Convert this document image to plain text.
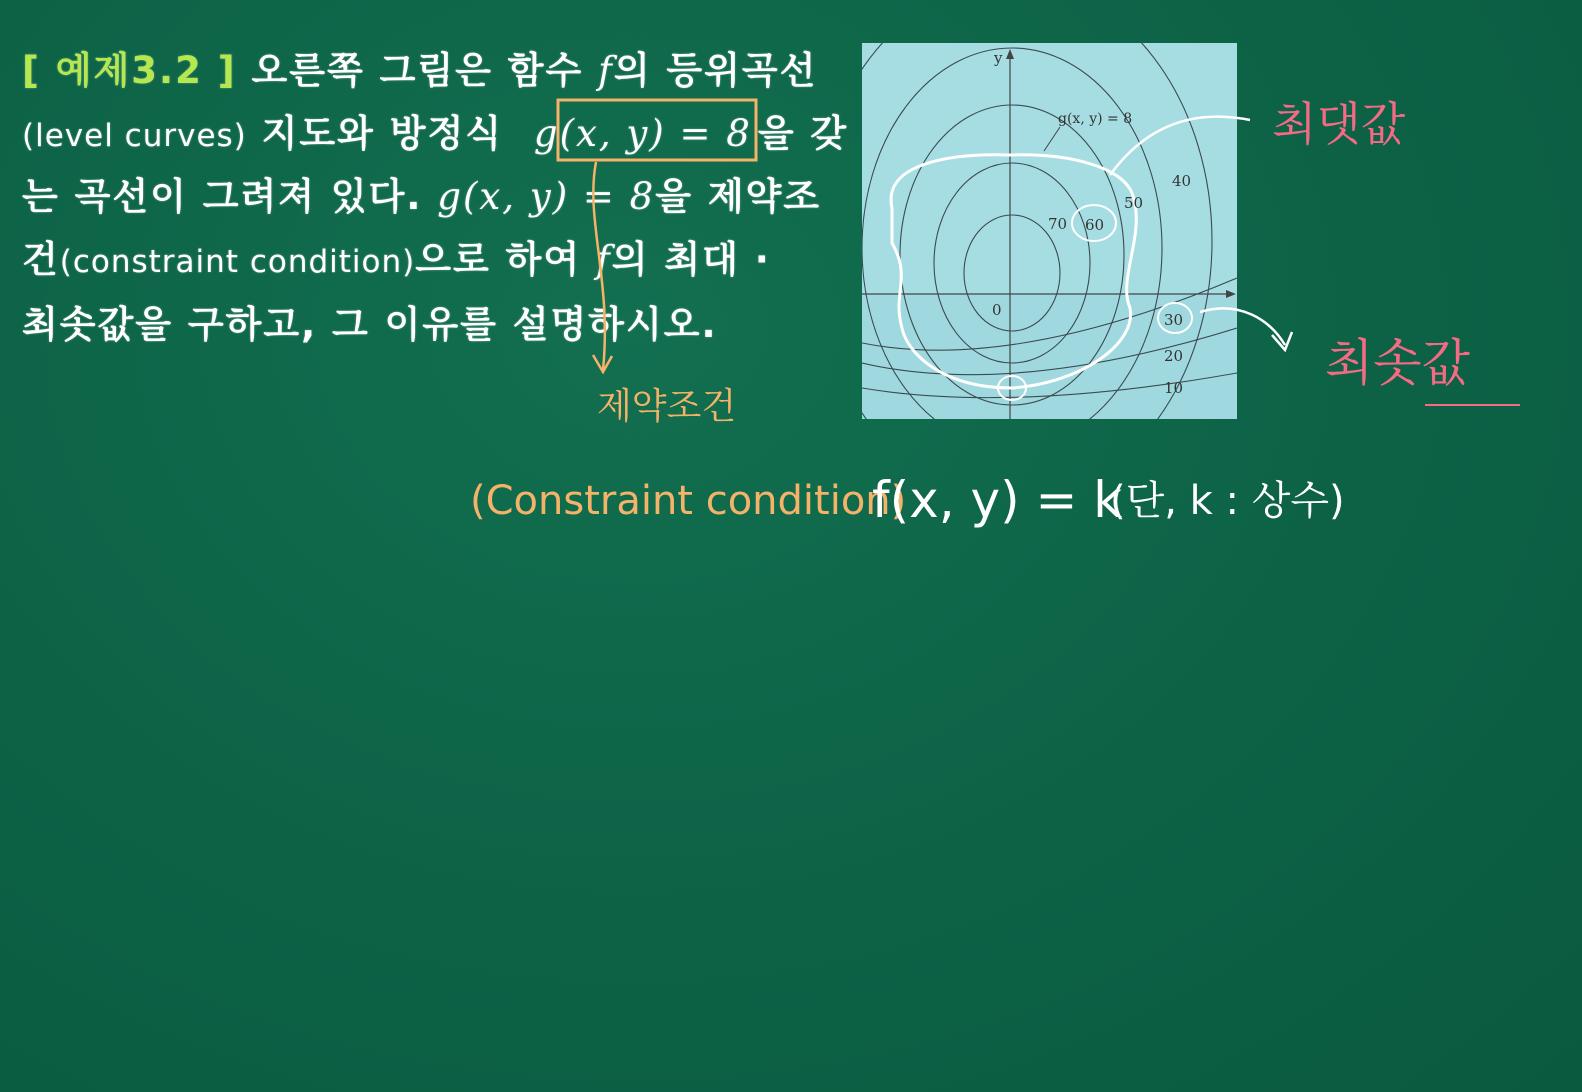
[ 예제3.2 ] 오른쪽 그림은 함수 f의 등위곡선
(level curves) 지도와 방정식 g(x, y) = 8 을 갖
는 곡선이 그려져 있다. g(x, y) = 8을 제약조
건(constraint condition)으로 하여 f의 최대 ·
최솟값을 구하고, 그 이유를 설명하시오.
y
0
g(x, y) = 8
70 60
50
40
30
20
10
제약조건
(Constraint condition)
f(x, y) = k
(단, k : 상수)
최댓값
최솟값
